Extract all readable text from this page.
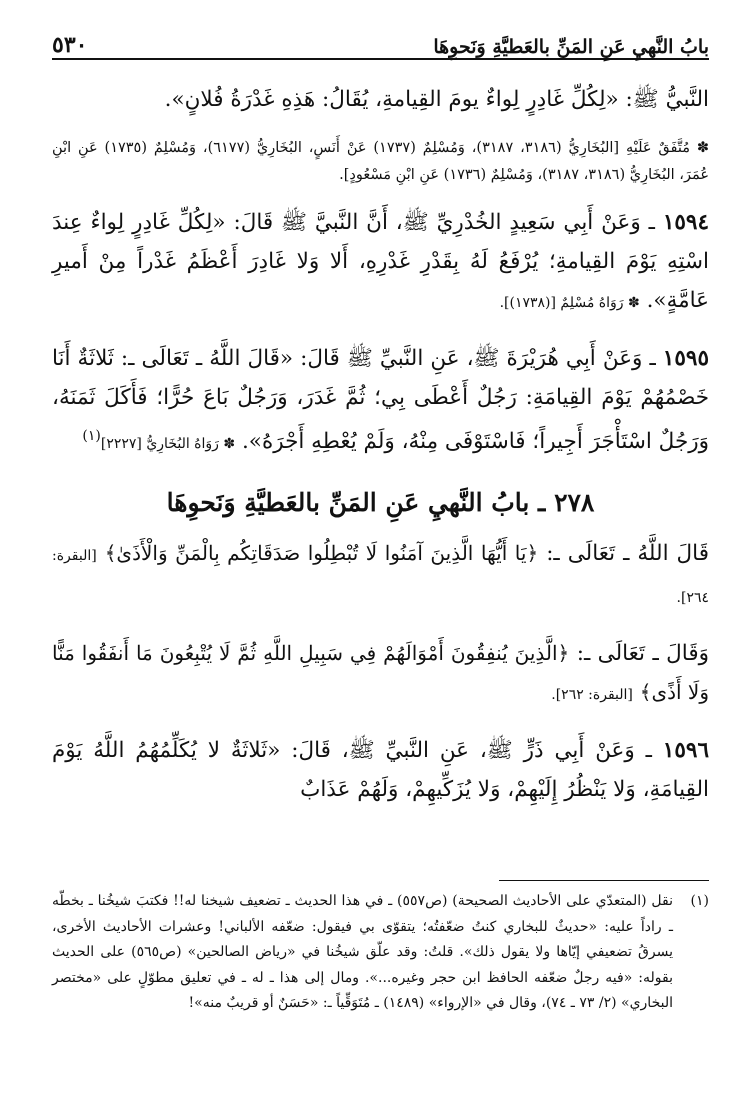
بابُ النَّهيِ عَنِ المَنِّ بالعَطيَّةِ وَنَحوِهَا
٥٣٠

النَّبيُّ ﷺ: «لِكُلِّ غَادِرٍ لِواءٌ يومَ القِيامةِ، يُقَالُ: هَذِهِ غَدْرَةُ فُلانٍ».

✽ مُتَّفَقٌ عَلَيْهِ [البُخَارِيُّ (٣١٨٦، ٣١٨٧)، وَمُسْلِمٌ (١٧٣٧) عَنْ أَنَسٍ، البُخَارِيُّ (٦١٧٧)، وَمُسْلِمٌ (١٧٣٥) عَنِ ابْنِ عُمَرَ، البُخَارِيُّ (٣١٨٦، ٣١٨٧)، وَمُسْلِمٌ (١٧٣٦) عَنِ ابْنِ مَسْعُودٍ].

١٥٩٤ ـ وَعَنْ أَبِي سَعِيدٍ الخُدْرِيِّ ﷺ، أَنَّ النَّبيَّ ﷺ قَالَ: «لِكُلِّ غَادِرٍ لِواءٌ عِندَ اسْتِهِ يَوْمَ القِيامةِ؛ يُرْفَعُ لَهُ بِقَدْرِ غَدْرِهِ، أَلا وَلا غَادِرَ أَعْظَمُ غَدْراً مِنْ أَميرِ عَامَّةٍ». ✽ رَوَاهُ مُسْلِمٌ [(١٧٣٨)].

١٥٩٥ ـ وَعَنْ أَبِي هُرَيْرَةَ ﷺ، عَنِ النَّبيِّ ﷺ قَالَ: «قَالَ اللَّهُ ـ تَعَالَى ـ: ثَلاثَةٌ أَنَا خَصْمُهُمْ يَوْمَ القِيامَةِ: رَجُلٌ أَعْطَى بِي؛ ثُمَّ غَدَرَ، وَرَجُلٌ بَاعَ حُرًّا؛ فَأَكَلَ ثَمَنَهُ، وَرَجُلٌ اسْتَأْجَرَ أَجِيراً؛ فَاسْتَوْفَى مِنْهُ، وَلَمْ يُعْطِهِ أَجْرَهُ». ✽ رَوَاهُ البُخَارِيُّ [٢٢٢٧]$^{(١)}$

٢٧٨ ـ بابُ النَّهيِ عَنِ المَنِّ بالعَطيَّةِ وَنَحوِهَا

قَالَ اللَّهُ ـ تَعَالَى ـ: ﴿يَا أَيُّهَا الَّذِينَ آمَنُوا لَا تُبْطِلُوا صَدَقَاتِكُم بِالْمَنِّ وَالْأَذَىٰ﴾ [البقرة: ٢٦٤].

وَقَالَ ـ تَعَالَى ـ: ﴿الَّذِينَ يُنفِقُونَ أَمْوَالَهُمْ فِي سَبِيلِ اللَّهِ ثُمَّ لَا يُتْبِعُونَ مَا أَنفَقُوا مَنًّا وَلَا أَذًى﴾ [البقرة: ٢٦٢].

١٥٩٦ ـ وَعَنْ أَبِي ذَرٍّ ﷺ، عَنِ النَّبيِّ ﷺ، قَالَ: «ثَلاثَةٌ لا يُكَلِّمُهُمُ اللَّهُ يَوْمَ القِيامَةِ، وَلا يَنْظُرُ إِلَيْهِمْ، وَلا يُزَكِّيهِمْ، وَلَهُمْ عَذَابٌ

(١)
نقل (المتعدّي على الأحاديث الصحيحة) (ص٥٥٧) ـ في هذا الحديث ـ تضعيف شيخنا له!! فكتبَ شيخُنا ـ بخطّه ـ راداً عليه: «حديثٌ للبخاري كنتُ ضعّفتُه؛ يتقوّى بي فيقول: ضعّفه الألباني! وعشرات الأحاديث الأخرى، يسرقُ تضعيفي إيّاها ولا يقول ذلك». قلتُ: وقد علّق شيخُنا في «رياض الصالحين» (ص٥٦٥) على الحديث بقوله: «فيه رجلٌ ضعّفه الحافظ ابن حجر وغيره...». ومال إلى هذا ـ له ـ في تعليق مطوّلٍ على «مختصر البخاري» (٢/ ٧٣ ـ ٧٤)، وقال في «الإرواء» (١٤٨٩) ـ مُتَوَقِّياً ـ: «حَسَنٌ أو قريبٌ منه»!
